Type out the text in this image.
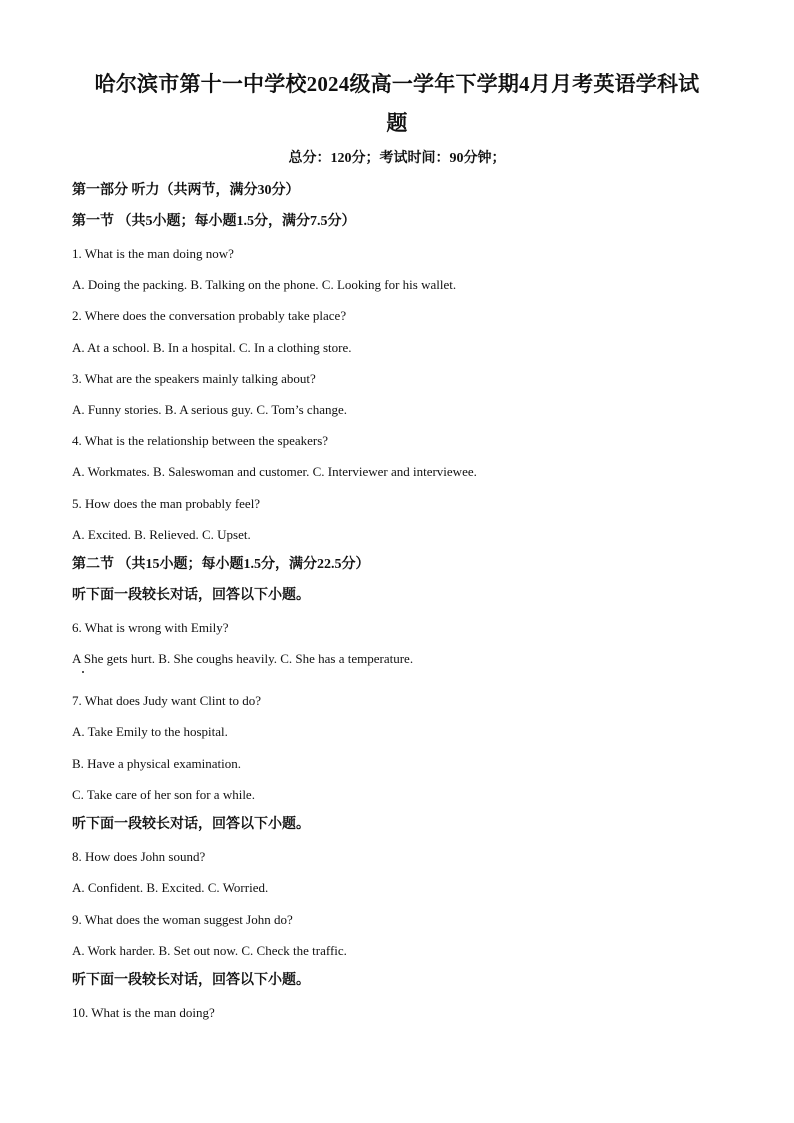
哈尔滨市第十一中学校2024级高一学年下学期4月月考英语学科试
题
总分：120分；考试时间：90分钟；
第一部分 听力（共两节，满分30分）
第一节 （共5小题；每小题1.5分，满分7.5分）
1. What is the man doing now?
A. Doing the packing. B. Talking on the phone. C. Looking for his wallet.
2. Where does the conversation probably take place?
A. At a school. B. In a hospital. C. In a clothing store.
3. What are the speakers mainly talking about?
A. Funny stories. B. A serious guy. C. Tom’s change.
4. What is the relationship between the speakers?
A. Workmates. B. Saleswoman and customer. C. Interviewer and interviewee.
5. How does the man probably feel?
A. Excited. B. Relieved. C. Upset.
第二节 （共15小题；每小题1.5分，满分22.5分）
听下面一段较长对话，回答以下小题。
6. What is wrong with Emily?
A She gets hurt. B. She coughs heavily. C. She has a temperature.
7. What does Judy want Clint to do?
A. Take Emily to the hospital.
B. Have a physical examination.
C. Take care of her son for a while.
听下面一段较长对话，回答以下小题。
8. How does John sound?
A. Confident. B. Excited. C. Worried.
9. What does the woman suggest John do?
A. Work harder. B. Set out now. C. Check the traffic.
听下面一段较长对话，回答以下小题。
10. What is the man doing?
